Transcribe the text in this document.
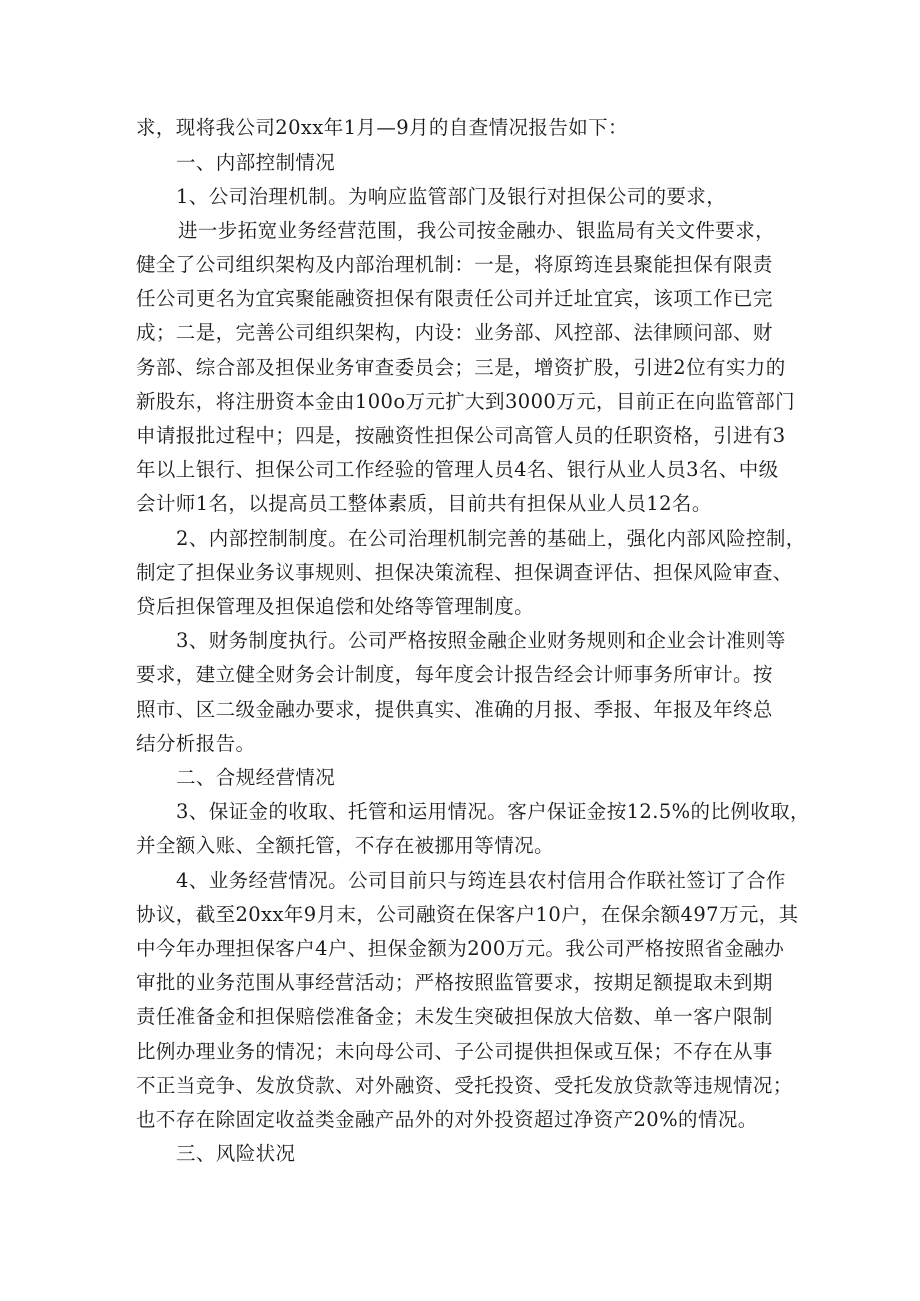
求，现将我公司20xx年1月—9月的自查情况报告如下：
一、内部控制情况
1、公司治理机制。为响应监管部门及银行对担保公司的要求，
进一步拓宽业务经营范围，我公司按金融办、银监局有关文件要求，
健全了公司组织架构及内部治理机制：一是，将原筠连县聚能担保有限责
任公司更名为宜宾聚能融资担保有限责任公司并迁址宜宾，该项工作已完
成；二是，完善公司组织架构，内设：业务部、风控部、法律顾问部、财
务部、综合部及担保业务审查委员会；三是，增资扩股，引进2位有实力的
新股东，将注册资本金由100o万元扩大到3000万元，目前正在向监管部门
申请报批过程中；四是，按融资性担保公司高管人员的任职资格，引进有3
年以上银行、担保公司工作经验的管理人员4名、银行从业人员3名、中级
会计师1名，以提高员工整体素质，目前共有担保从业人员12名。
2、内部控制制度。在公司治理机制完善的基础上，强化内部风险控制，
制定了担保业务议事规则、担保决策流程、担保调查评估、担保风险审查、
贷后担保管理及担保追偿和处络等管理制度。
3、财务制度执行。公司严格按照金融企业财务规则和企业会计准则等
要求，建立健全财务会计制度，每年度会计报告经会计师事务所审计。按
照市、区二级金融办要求，提供真实、准确的月报、季报、年报及年终总
结分析报告。
二、合规经营情况
3、保证金的收取、托管和运用情况。客户保证金按12.5%的比例收取，
并全额入账、全额托管，不存在被挪用等情况。
4、业务经营情况。公司目前只与筠连县农村信用合作联社签订了合作
协议，截至20xx年9月末，公司融资在保客户10户，在保余额497万元，其
中今年办理担保客户4户、担保金额为200万元。我公司严格按照省金融办
审批的业务范围从事经营活动；严格按照监管要求，按期足额提取未到期
责任准备金和担保赔偿准备金；未发生突破担保放大倍数、单一客户限制
比例办理业务的情况；未向母公司、子公司提供担保或互保；不存在从事
不正当竞争、发放贷款、对外融资、受托投资、受托发放贷款等违规情况；
也不存在除固定收益类金融产品外的对外投资超过净资产20%的情况。
三、风险状况
